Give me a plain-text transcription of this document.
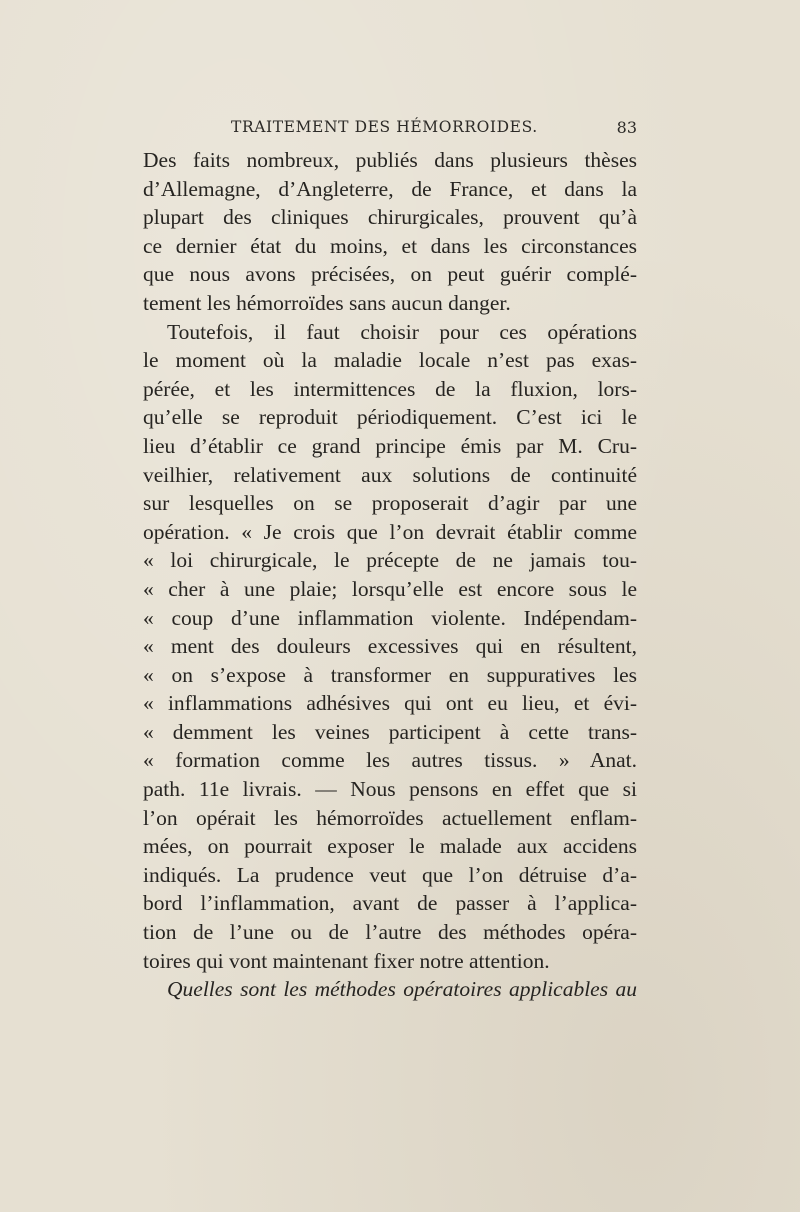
TRAITEMENT DES HÉMORROIDES.	83
Des faits nombreux, publiés dans plusieurs thèses
d’Allemagne, d’Angleterre, de France, et dans la
plupart des cliniques chirurgicales, prouvent qu’à
ce dernier état du moins, et dans les circonstances
que nous avons précisées, on peut guérir complé-
tement les hémorroïdes sans aucun danger.
Toutefois, il faut choisir pour ces opérations
le moment où la maladie locale n’est pas exas-
pérée, et les intermittences de la fluxion, lors-
qu’elle se reproduit périodiquement. C’est ici le
lieu d’établir ce grand principe émis par M. Cru-
veilhier, relativement aux solutions de continuité
sur lesquelles on se proposerait d’agir par une
opération. « Je crois que l’on devrait établir comme
« loi chirurgicale, le précepte de ne jamais tou-
« cher à une plaie; lorsqu’elle est encore sous le
« coup d’une inflammation violente. Indépendam-
« ment des douleurs excessives qui en résultent,
« on s’expose à transformer en suppuratives les
« inflammations adhésives qui ont eu lieu, et évi-
« demment les veines participent à cette trans-
« formation comme les autres tissus. » Anat.
path. 11e livrais. — Nous pensons en effet que si
l’on opérait les hémorroïdes actuellement enflam-
mées, on pourrait exposer le malade aux accidens
indiqués. La prudence veut que l’on détruise d’a-
bord l’inflammation, avant de passer à l’applica-
tion de l’une ou de l’autre des méthodes opéra-
toires qui vont maintenant fixer notre attention.
Quelles sont les méthodes opératoires applicables au
